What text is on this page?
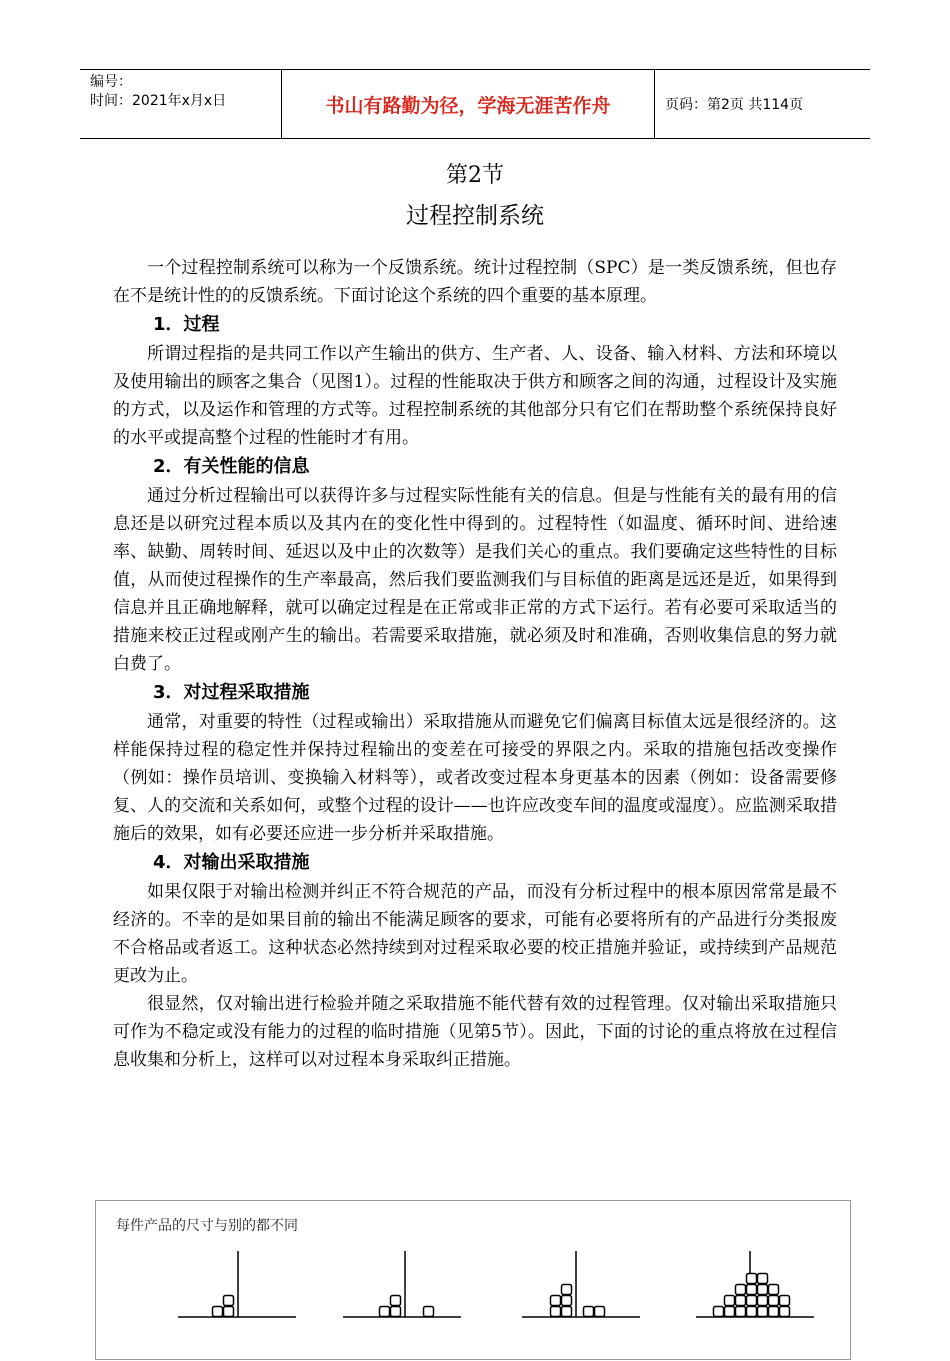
编号：
时间：2021年x月x日	书山有路勤为径，学海无涯苦作舟	页码：第2页 共114页
第2节
过程控制系统

一个过程控制系统可以称为一个反馈系统。统计过程控制（SPC）是一类反馈系统，但也存在不是统计性的的反馈系统。下面讨论这个系统的四个重要的基本原理。

1．过程

所谓过程指的是共同工作以产生输出的供方、生产者、人、设备、输入材料、方法和环境以及使用输出的顾客之集合（见图1）。过程的性能取决于供方和顾客之间的沟通，过程设计及实施的方式，以及运作和管理的方式等。过程控制系统的其他部分只有它们在帮助整个系统保持良好的水平或提高整个过程的性能时才有用。

2．有关性能的信息

通过分析过程输出可以获得许多与过程实际性能有关的信息。但是与性能有关的最有用的信息还是以研究过程本质以及其内在的变化性中得到的。过程特性（如温度、循环时间、进给速率、缺勤、周转时间、延迟以及中止的次数等）是我们关心的重点。我们要确定这些特性的目标值，从而使过程操作的生产率最高，然后我们要监测我们与目标值的距离是远还是近，如果得到信息并且正确地解释，就可以确定过程是在正常或非正常的方式下运行。若有必要可采取适当的措施来校正过程或刚产生的输出。若需要采取措施，就必须及时和准确，否则收集信息的努力就白费了。

3．对过程采取措施

通常，对重要的特性（过程或输出）采取措施从而避免它们偏离目标值太远是很经济的。这样能保持过程的稳定性并保持过程输出的变差在可接受的界限之内。采取的措施包括改变操作（例如：操作员培训、变换输入材料等），或者改变过程本身更基本的因素（例如：设备需要修复、人的交流和关系如何，或整个过程的设计——也许应改变车间的温度或湿度）。应监测采取措施后的效果，如有必要还应进一步分析并采取措施。

4．对输出采取措施

如果仅限于对输出检测并纠正不符合规范的产品，而没有分析过程中的根本原因常常是最不经济的。不幸的是如果目前的输出不能满足顾客的要求，可能有必要将所有的产品进行分类报废不合格品或者返工。这种状态必然持续到对过程采取必要的校正措施并验证，或持续到产品规范更改为止。

很显然，仅对输出进行检验并随之采取措施不能代替有效的过程管理。仅对输出采取措施只可作为不稳定或没有能力的过程的临时措施（见第5节）。因此，下面的讨论的重点将放在过程信息收集和分析上，这样可以对过程本身采取纠正措施。

每件产品的尺寸与别的都不同
